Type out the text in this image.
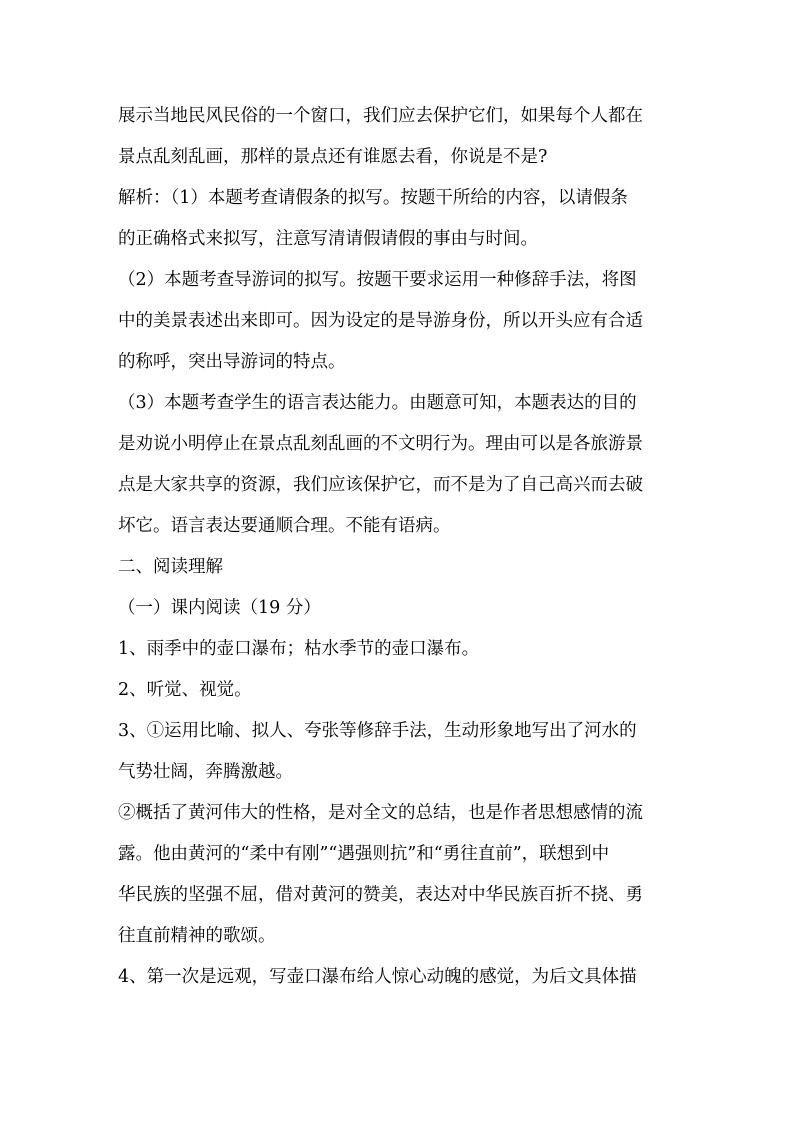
展示当地民风民俗的一个窗口，我们应去保护它们，如果每个人都在
景点乱刻乱画，那样的景点还有谁愿去看，你说是不是?
解析：（1）本题考查请假条的拟写。按题干所给的内容，以请假条
的正确格式来拟写，注意写清请假请假的事由与时间。
（2）本题考查导游词的拟写。按题干要求运用一种修辞手法，将图
中的美景表述出来即可。因为设定的是导游身份，所以开头应有合适
的称呼，突出导游词的特点。
（3）本题考查学生的语言表达能力。由题意可知，本题表达的目的
是劝说小明停止在景点乱刻乱画的不文明行为。理由可以是各旅游景
点是大家共享的资源，我们应该保护它，而不是为了自己高兴而去破
坏它。语言表达要通顺合理。不能有语病。
二、阅读理解
（一）课内阅读（19 分）
1、雨季中的壶口瀑布；枯水季节的壶口瀑布。
2、听觉、视觉。
3、①运用比喻、拟人、夸张等修辞手法，生动形象地写出了河水的
气势壮阔，奔腾激越。
②概括了黄河伟大的性格，是对全文的总结，也是作者思想感情的流
露。他由黄河的“柔中有刚”“遇强则抗”和“勇往直前”，联想到中
华民族的坚强不屈，借对黄河的赞美，表达对中华民族百折不挠、勇
往直前精神的歌颂。
4、第一次是远观，写壶口瀑布给人惊心动魄的感觉，为后文具体描
